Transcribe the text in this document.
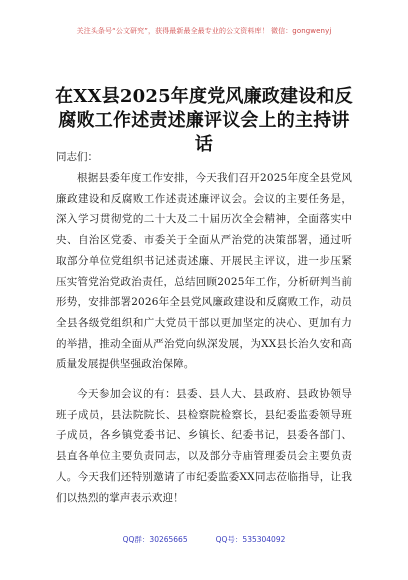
关注头条号“公文研究”，获得最新最全最专业的公文资料库！ 微信：gongwenyj
在XX县2025年度党风廉政建设和反腐败工作述责述廉评议会上的主持讲话
同志们：

根据县委年度工作安排，今天我们召开2025年度全县党风廉政建设和反腐败工作述责述廉评议会。会议的主要任务是，深入学习贯彻党的二十大及二十届历次全会精神，全面落实中央、自治区党委、市委关于全面从严治党的决策部署，通过听取部分单位党组织书记述责述廉、开展民主评议，进一步压紧压实管党治党政治责任，总结回顾2025年工作，分析研判当前形势，安排部署2026年全县党风廉政建设和反腐败工作，动员全县各级党组织和广大党员干部以更加坚定的决心、更加有力的举措，推动全面从严治党向纵深发展，为XX县长治久安和高质量发展提供坚强政治保障。

今天参加会议的有：县委、县人大、县政府、县政协领导班子成员，县法院院长、县检察院检察长，县纪委监委领导班子成员，各乡镇党委书记、乡镇长、纪委书记，县委各部门、县直各单位主要负责同志，以及部分寺庙管理委员会主要负责人。今天我们还特别邀请了市纪委监委XX同志莅临指导，让我们以热烈的掌声表示欢迎！

QQ群：30265665	QQ号：535304092
